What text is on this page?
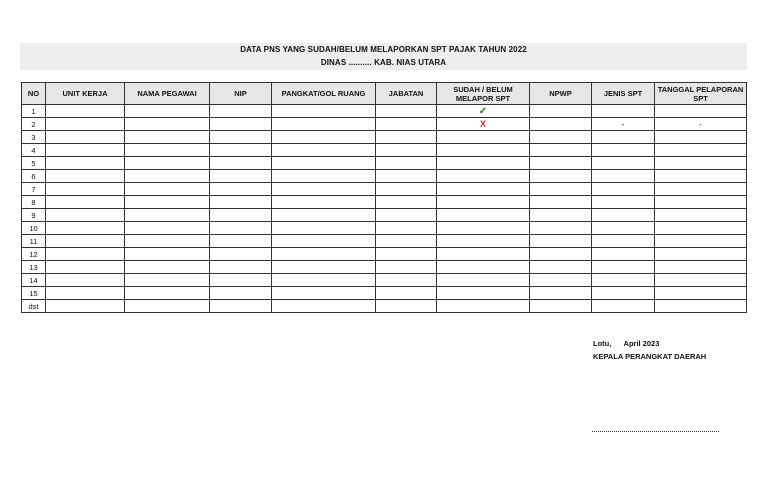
DATA PNS YANG SUDAH/BELUM MELAPORKAN SPT PAJAK TAHUN 2022
DINAS .......... KAB. NIAS UTARA
NO	UNIT KERJA	NAMA PEGAWAI	NIP	PANGKAT/GOL RUANG	JABATAN	SUDAH / BELUM MELAPOR SPT	NPWP	JENIS SPT	TANGGAL PELAPORAN SPT
1						✓			
2						X		-	-
3									
4									
5									
6									
7									
8									
9									
10									
11									
12									
13									
14									
15									
dst									
Lotu,      April 2023
KEPALA PERANGKAT DAERAH
